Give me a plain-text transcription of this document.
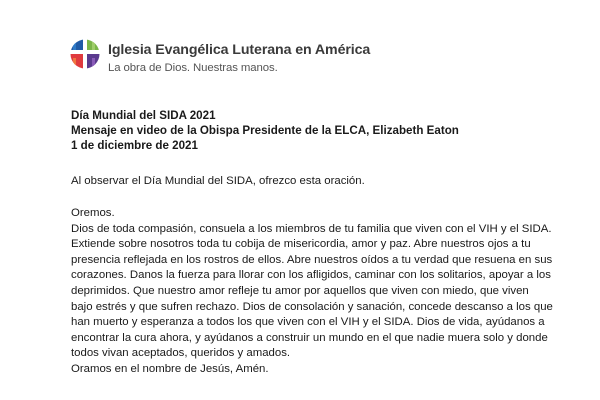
Iglesia Evangélica Luterana en América
La obra de Dios. Nuestras manos.
Día Mundial del SIDA 2021
Mensaje en video de la Obispa Presidente de la ELCA, Elizabeth Eaton
1 de diciembre de 2021
Al observar el Día Mundial del SIDA, ofrezco esta oración.
Oremos.
Dios de toda compasión, consuela a los miembros de tu familia que viven con el VIH y el SIDA.
Extiende sobre nosotros toda tu cobija de misericordia, amor y paz. Abre nuestros ojos a tu
presencia reflejada en los rostros de ellos. Abre nuestros oídos a tu verdad que resuena en sus
corazones. Danos la fuerza para llorar con los afligidos, caminar con los solitarios, apoyar a los
deprimidos. Que nuestro amor refleje tu amor por aquellos que viven con miedo, que viven
bajo estrés y que sufren rechazo. Dios de consolación y sanación, concede descanso a los que
han muerto y esperanza a todos los que viven con el VIH y el SIDA. Dios de vida, ayúdanos a
encontrar la cura ahora, y ayúdanos a construir un mundo en el que nadie muera solo y donde
todos vivan aceptados, queridos y amados.
Oramos en el nombre de Jesús, Amén.
